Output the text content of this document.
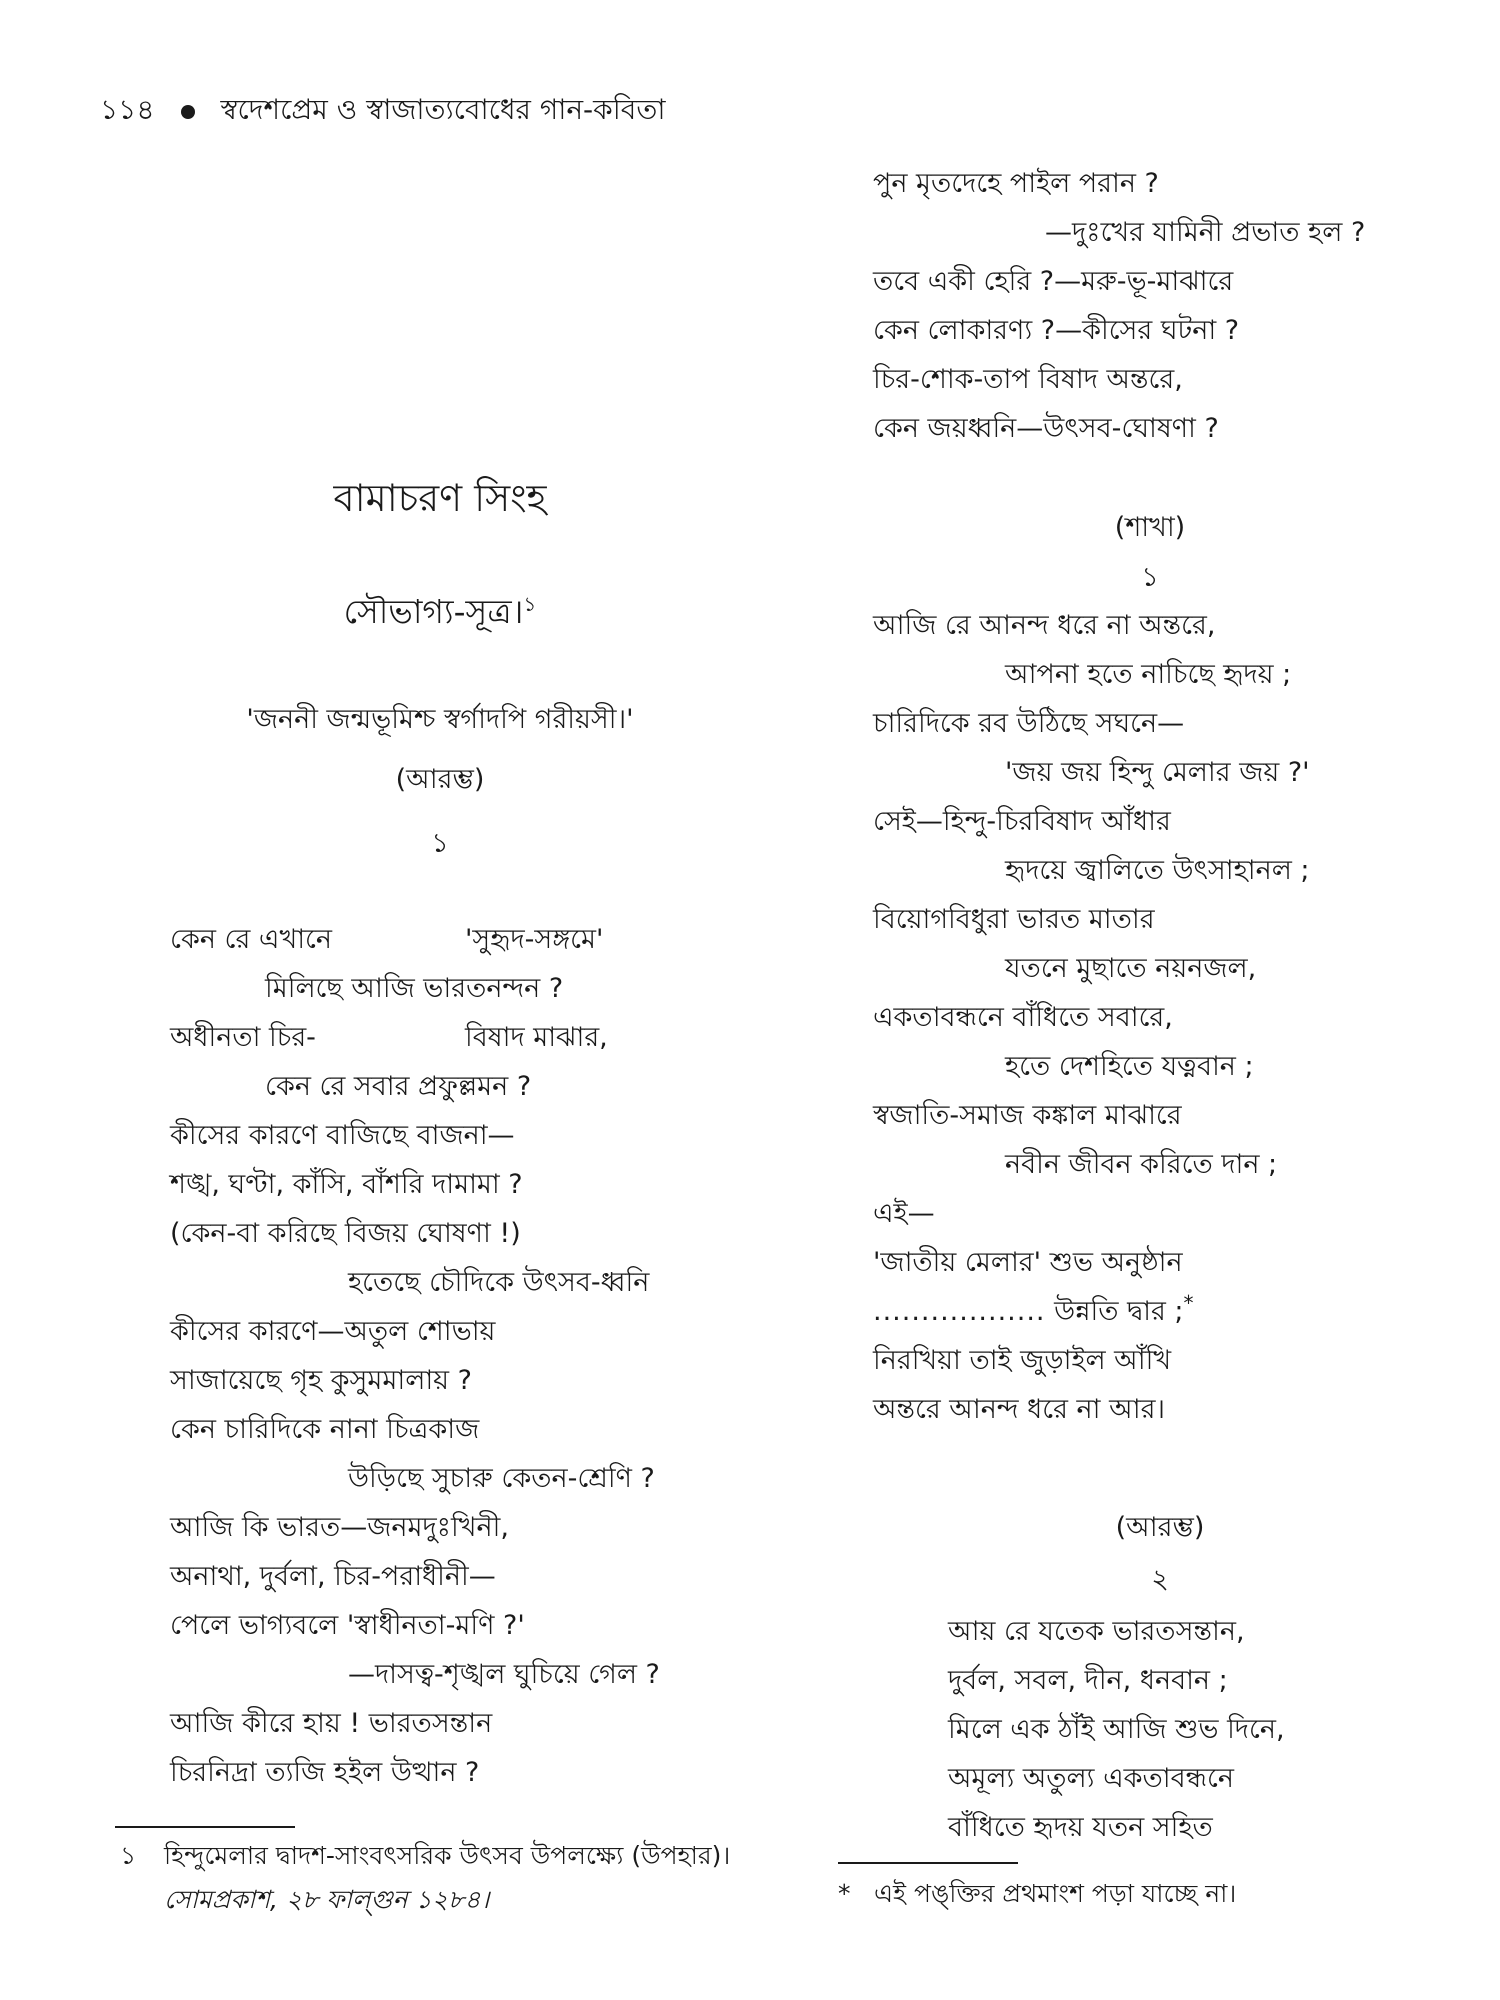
১১৪ স্বদেশপ্রেম ও স্বাজাত্যবোধের গান-কবিতা
বামাচরণ সিংহ
সৌভাগ্য-সূত্র।$^১$
'জননী জন্মভূমিশ্চ স্বর্গাদপি গরীয়সী।'
(আরম্ভ)
১
কেন রে এখানে	'সুহৃদ-সঙ্গমে'
মিলিছে আজি ভারতনন্দন ?
অধীনতা চির-	বিষাদ মাঝার,
কেন রে সবার প্রফুল্লমন ?
কীসের কারণে বাজিছে বাজনা—
শঙ্খ, ঘণ্টা, কাঁসি, বাঁশরি দামামা ?
(কেন-বা করিছে বিজয় ঘোষণা !)
হতেছে চৌদিকে উৎসব-ধ্বনি
কীসের কারণে—অতুল শোভায়
সাজায়েছে গৃহ কুসুমমালায় ?
কেন চারিদিকে নানা চিত্রকাজ
উড়িছে সুচারু কেতন-শ্রেণি ?
আজি কি ভারত—জনমদুঃখিনী,
অনাথা, দুর্বলা, চির-পরাধীনী—
পেলে ভাগ্যবলে 'স্বাধীনতা-মণি ?'
—দাসত্ব-শৃঙ্খল ঘুচিয়ে গেল ?
আজি কীরে হায় ! ভারতসন্তান
চিরনিদ্রা ত্যজি হইল উত্থান ?
১ হিন্দুমেলার দ্বাদশ-সাংবৎসরিক উৎসব উপলক্ষ্যে (উপহার)।
সোমপ্রকাশ, ২৮ ফাল্গুন ১২৮৪।
পুন মৃতদেহে পাইল পরান ?
—দুঃখের যামিনী প্রভাত হল ?
তবে একী হেরি ?—মরু-ভূ-মাঝারে
কেন লোকারণ্য ?—কীসের ঘটনা ?
চির-শোক-তাপ বিষাদ অন্তরে,
কেন জয়ধ্বনি—উৎসব-ঘোষণা ?
(শাখা)
১
আজি রে আনন্দ ধরে না অন্তরে,
আপনা হতে নাচিছে হৃদয় ;
চারিদিকে রব উঠিছে সঘনে—
'জয় জয় হিন্দু মেলার জয় ?'
সেই—হিন্দু-চিরবিষাদ আঁধার
হৃদয়ে জ্বালিতে উৎসাহানল ;
বিয়োগবিধুরা ভারত মাতার
যতনে মুছাতে নয়নজল,
একতাবন্ধনে বাঁধিতে সবারে,
হতে দেশহিতে যত্নবান ;
স্বজাতি-সমাজ কঙ্কাল মাঝারে
নবীন জীবন করিতে দান ;
এই—
'জাতীয় মেলার' শুভ অনুষ্ঠান
.................. উন্নতি দ্বার ;*
নিরখিয়া তাই জুড়াইল আঁখি
অন্তরে আনন্দ ধরে না আর।
(আরম্ভ)
২
আয় রে যতেক ভারতসন্তান,
দুর্বল, সবল, দীন, ধনবান ;
মিলে এক ঠাঁই আজি শুভ দিনে,
অমূল্য অতুল্য একতাবন্ধনে
বাঁধিতে হৃদয় যতন সহিত
* এই পঙ্‌ক্তির প্রথমাংশ পড়া যাচ্ছে না।
